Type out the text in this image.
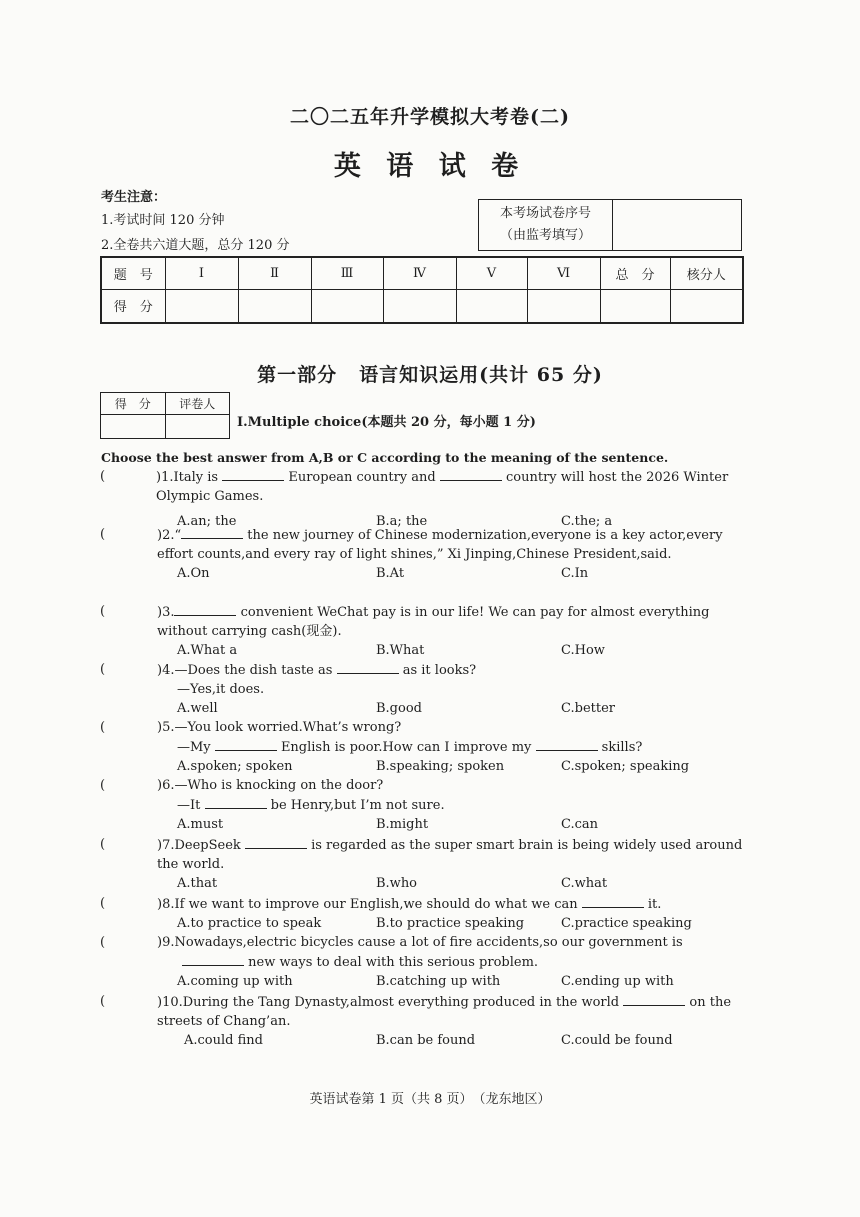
二〇二五年升学模拟大考卷(二)
英 语 试 卷
考生注意：
1.考试时间 120 分钟
2.全卷共六道大题，总分 120 分
本考场试卷序号
（由监考填写）
题　号	Ⅰ	Ⅱ	Ⅲ	Ⅳ	Ⅴ	Ⅵ	总　分	核分人
得　分								
第一部分 语言知识运用(共计 65 分)
得　分	评卷人

Ⅰ.Multiple choice(本题共 20 分，每小题 1 分)
Choose the best answer from A,B or C according to the meaning of the sentence.
(	)1.Italy is	European country and	country will host the 2026 Winter Olympic Games.
A.an; the	B.a; the	C.the; a
(	)2.“	the new journey of Chinese modernization,everyone is a key actor,every effort counts,and every ray of light shines,” Xi Jinping,Chinese President,said.
A.On	B.At	C.In
(	)3.	convenient WeChat pay is in our life! We can pay for almost everything without carrying cash(现金).
A.What a	B.What	C.How
(	)4.—Does the dish taste as	as it looks?
—Yes,it does.
A.well	B.good	C.better
(	)5.—You look worried.What’s wrong?
—My	English is poor.How can I improve my	skills?
A.spoken; spoken	B.speaking; spoken	C.spoken; speaking
(	)6.—Who is knocking on the door?
—It	be Henry,but I’m not sure.
A.must	B.might	C.can
(	)7.DeepSeek	is regarded as the super smart brain is being widely used around the world.
A.that	B.who	C.what
(	)8.If we want to improve our English,we should do what we can	it.
A.to practice to speak	B.to practice speaking	C.practice speaking
(	)9.Nowadays,electric bicycles cause a lot of fire accidents,so our government is
new ways to deal with this serious problem.
A.coming up with	B.catching up with	C.ending up with
(	)10.During the Tang Dynasty,almost everything produced in the world	on the streets of Chang’an.
A.could find	B.can be found	C.could be found
英语试卷第 1 页（共 8 页）　（龙东地区）
